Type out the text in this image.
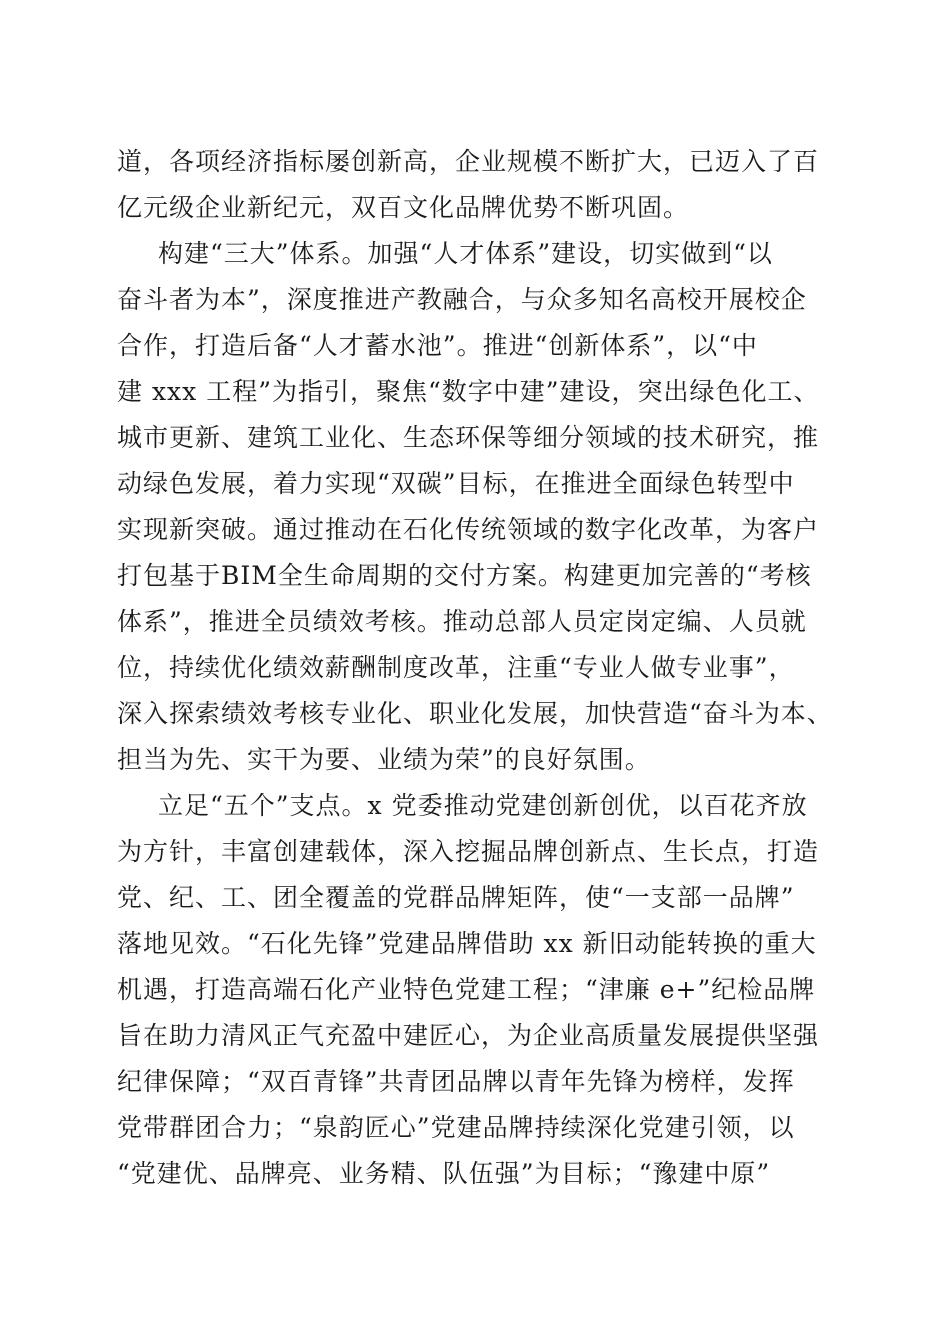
道，各项经济指标屡创新高，企业规模不断扩大，已迈入了百
亿元级企业新纪元，双百文化品牌优势不断巩固。
构建“三大”体系。加强“人才体系”建设，切实做到“以
奋斗者为本”，深度推进产教融合，与众多知名高校开展校企
合作，打造后备“人才蓄水池”。推进“创新体系”，以“中
建 xxx 工程”为指引，聚焦“数字中建”建设，突出绿色化工、
城市更新、建筑工业化、生态环保等细分领域的技术研究，推
动绿色发展，着力实现“双碳”目标，在推进全面绿色转型中
实现新突破。通过推动在石化传统领域的数字化改革，为客户
打包基于BIM全生命周期的交付方案。构建更加完善的“考核
体系”，推进全员绩效考核。推动总部人员定岗定编、人员就
位，持续优化绩效薪酬制度改革，注重“专业人做专业事”，
深入探索绩效考核专业化、职业化发展，加快营造“奋斗为本、
担当为先、实干为要、业绩为荣”的良好氛围。
立足“五个”支点。x 党委推动党建创新创优，以百花齐放
为方针，丰富创建载体，深入挖掘品牌创新点、生长点，打造
党、纪、工、团全覆盖的党群品牌矩阵，使“一支部一品牌”
落地见效。“石化先锋”党建品牌借助 xx 新旧动能转换的重大
机遇，打造高端石化产业特色党建工程；“津廉 e+”纪检品牌
旨在助力清风正气充盈中建匠心，为企业高质量发展提供坚强
纪律保障；“双百青锋”共青团品牌以青年先锋为榜样，发挥
党带群团合力；“泉韵匠心”党建品牌持续深化党建引领，以
“党建优、品牌亮、业务精、队伍强”为目标；“豫建中原”
